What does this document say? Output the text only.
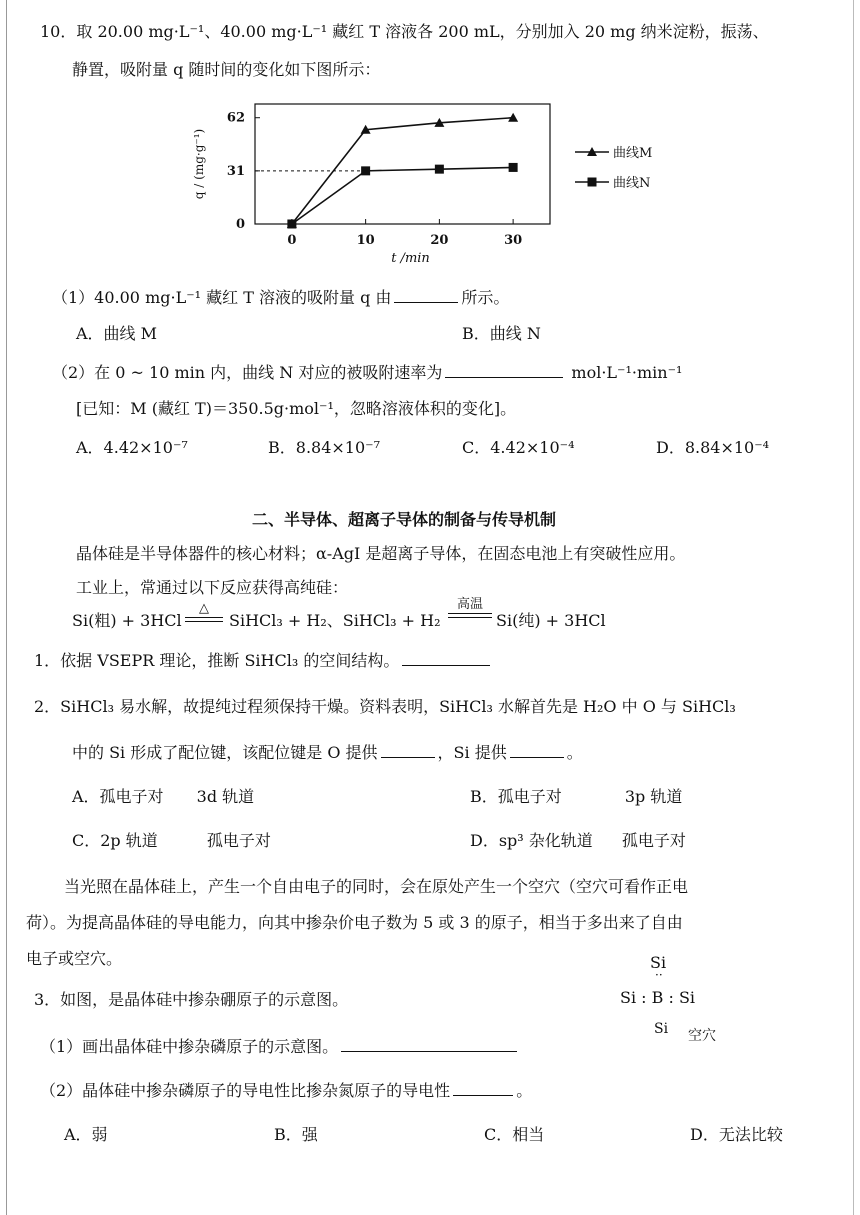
10．取 20.00 mg·L⁻¹、40.00 mg·L⁻¹ 藏红 T 溶液各 200 mL，分别加入 20 mg 纳米淀粉，振荡、
静置，吸附量 q 随时间的变化如下图所示：
0
31
62
0	10	20	30
t /min
q / (mg·g⁻¹)	曲线M
曲线N
（1）40.00 mg·L⁻¹ 藏红 T 溶液的吸附量 q 由	所示。
A．曲线 M	B．曲线 N
（2）在 0 ~ 10 min 内，曲线 N 对应的被吸附速率为	mol·L⁻¹·min⁻¹
[已知：M (藏红 T)＝350.5g·mol⁻¹，忽略溶液体积的变化]。
A．4.42×10⁻⁷	B．8.84×10⁻⁷	C．4.42×10⁻⁴	D．8.84×10⁻⁴
二、半导体、超离子导体的制备与传导机制
晶体硅是半导体器件的核心材料；α-AgI 是超离子导体，在固态电池上有突破性应用。
工业上，常通过以下反应获得高纯硅：
Si(粗) + 3HCl
△
SiHCl₃ + H₂、SiHCl₃ + H₂
高温
Si(纯) + 3HCl
1．依据 VSEPR 理论，推断 SiHCl₃ 的空间结构。
2．SiHCl₃ 易水解，故提纯过程须保持干燥。资料表明，SiHCl₃ 水解首先是 H₂O 中 O 与 SiHCl₃
中的 Si 形成了配位键，该配位键是 O 提供	，Si 提供	。
A．孤电子对 3d 轨道	B．孤电子对	3p 轨道
C．2p 轨道	孤电子对	D．sp³ 杂化轨道 孤电子对
当光照在晶体硅上，产生一个自由电子的同时，会在原处产生一个空穴（空穴可看作正电
荷）。为提高晶体硅的导电能力，向其中掺杂价电子数为 5 或 3 的原子，相当于多出来了自由
电子或空穴。	Si
··
Si : B : Si
Si 空穴
3．如图，是晶体硅中掺杂硼原子的示意图。
（1）画出晶体硅中掺杂磷原子的示意图。
（2）晶体硅中掺杂磷原子的导电性比掺杂氮原子的导电性	。
A．弱	B．强	C．相当	D．无法比较
